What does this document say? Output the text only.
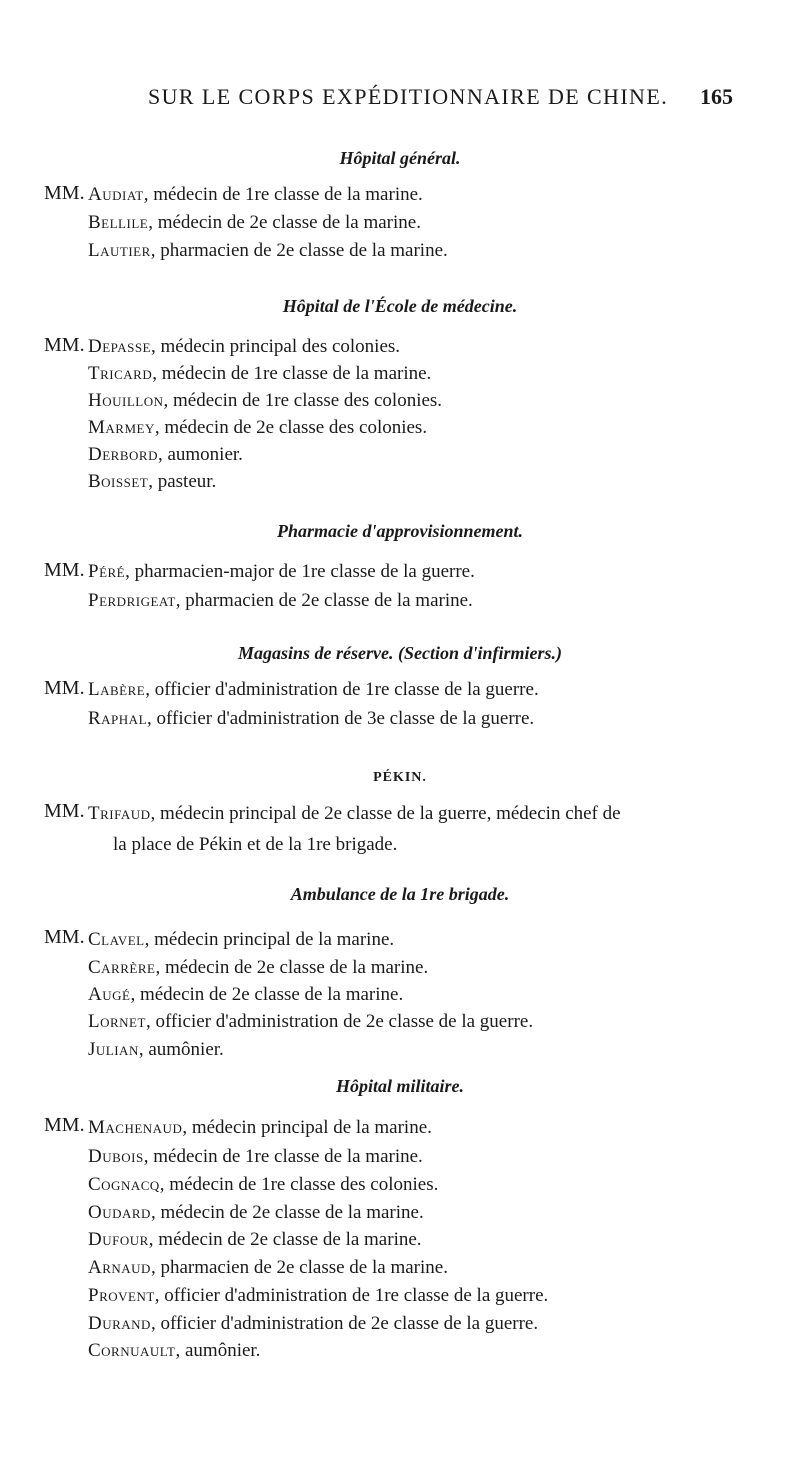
SUR LE CORPS EXPÉDITIONNAIRE DE CHINE. 165
Hôpital général.
MM. Audiat, médecin de 1re classe de la marine.
Bellile, médecin de 2e classe de la marine.
Lautier, pharmacien de 2e classe de la marine.
Hôpital de l'École de médecine.
MM. Depasse, médecin principal des colonies.
Tricard, médecin de 1re classe de la marine.
Houillon, médecin de 1re classe des colonies.
Marmey, médecin de 2e classe des colonies.
Derbord, aumonier.
Boisset, pasteur.
Pharmacie d'approvisionnement.
MM. Péré, pharmacien-major de 1re classe de la guerre.
Perdrigeat, pharmacien de 2e classe de la marine.
Magasins de réserve. (Section d'infirmiers.)
MM. Labère, officier d'administration de 1re classe de la guerre.
Raphal, officier d'administration de 3e classe de la guerre.
PÉKIN.
MM. Trifaud, médecin principal de 2e classe de la guerre, médecin chef de
la place de Pékin et de la 1re brigade.
Ambulance de la 1re brigade.
MM. Clavel, médecin principal de la marine.
Carrère, médecin de 2e classe de la marine.
Augé, médecin de 2e classe de la marine.
Lornet, officier d'administration de 2e classe de la guerre.
Julian, aumônier.
Hôpital militaire.
MM. Machenaud, médecin principal de la marine.
Dubois, médecin de 1re classe de la marine.
Cognacq, médecin de 1re classe des colonies.
Oudard, médecin de 2e classe de la marine.
Dufour, médecin de 2e classe de la marine.
Arnaud, pharmacien de 2e classe de la marine.
Provent, officier d'administration de 1re classe de la guerre.
Durand, officier d'administration de 2e classe de la guerre.
Cornuault, aumônier.
